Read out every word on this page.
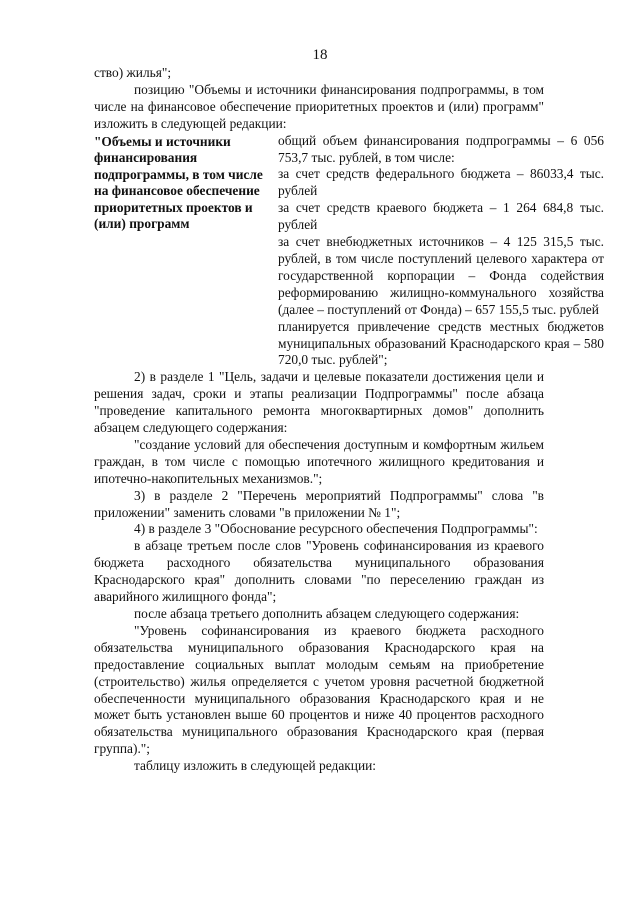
18

ство) жилья";

позицию "Объемы и источники финансирования подпрограммы, в том числе на финансовое обеспечение приоритетных проектов и (или) программ" изложить в следующей редакции:

"Объемы и источники финансирования подпрограммы, в том числе на финансовое обеспечение приоритетных проектов и (или) программ

общий объем финансирования подпрограммы – 6 056 753,7 тыс. рублей, в том числе:

за счет средств федерального бюджета – 86033,4 тыс. рублей

за счет средств краевого бюджета – 1 264 684,8 тыс. рублей

за счет внебюджетных источников – 4 125 315,5 тыс. рублей, в том числе поступлений целевого характера от государственной корпорации – Фонда содействия реформированию жилищно-коммунального хозяйства (далее – поступлений от Фонда) – 657 155,5 тыс. рублей

планируется привлечение средств местных бюджетов муниципальных образований Краснодарского края – 580 720,0 тыс. рублей";

2) в разделе 1 "Цель, задачи и целевые показатели достижения цели и решения задач, сроки и этапы реализации Подпрограммы" после абзаца "проведение капитального ремонта многоквартирных домов" дополнить абзацем следующего содержания:

"создание условий для обеспечения доступным и комфортным жильем граждан, в том числе с помощью ипотечного жилищного кредитования и ипотечно-накопительных механизмов.";

3) в разделе 2 "Перечень мероприятий Подпрограммы" слова "в приложении" заменить словами "в приложении № 1";

4) в разделе 3 "Обоснование ресурсного обеспечения Подпрограммы":

в абзаце третьем после слов "Уровень софинансирования из краевого бюджета расходного обязательства муниципального образования Краснодарского края" дополнить словами "по переселению граждан из аварийного жилищного фонда";

после абзаца третьего дополнить абзацем следующего содержания:

"Уровень софинансирования из краевого бюджета расходного обязательства муниципального образования Краснодарского края на предоставление социальных выплат молодым семьям на приобретение (строительство) жилья определяется с учетом уровня расчетной бюджетной обеспеченности муниципального образования Краснодарского края и не может быть установлен выше 60 процентов и ниже 40 процентов расходного обязательства муниципального образования Краснодарского края (первая группа).";

таблицу изложить в следующей редакции:
